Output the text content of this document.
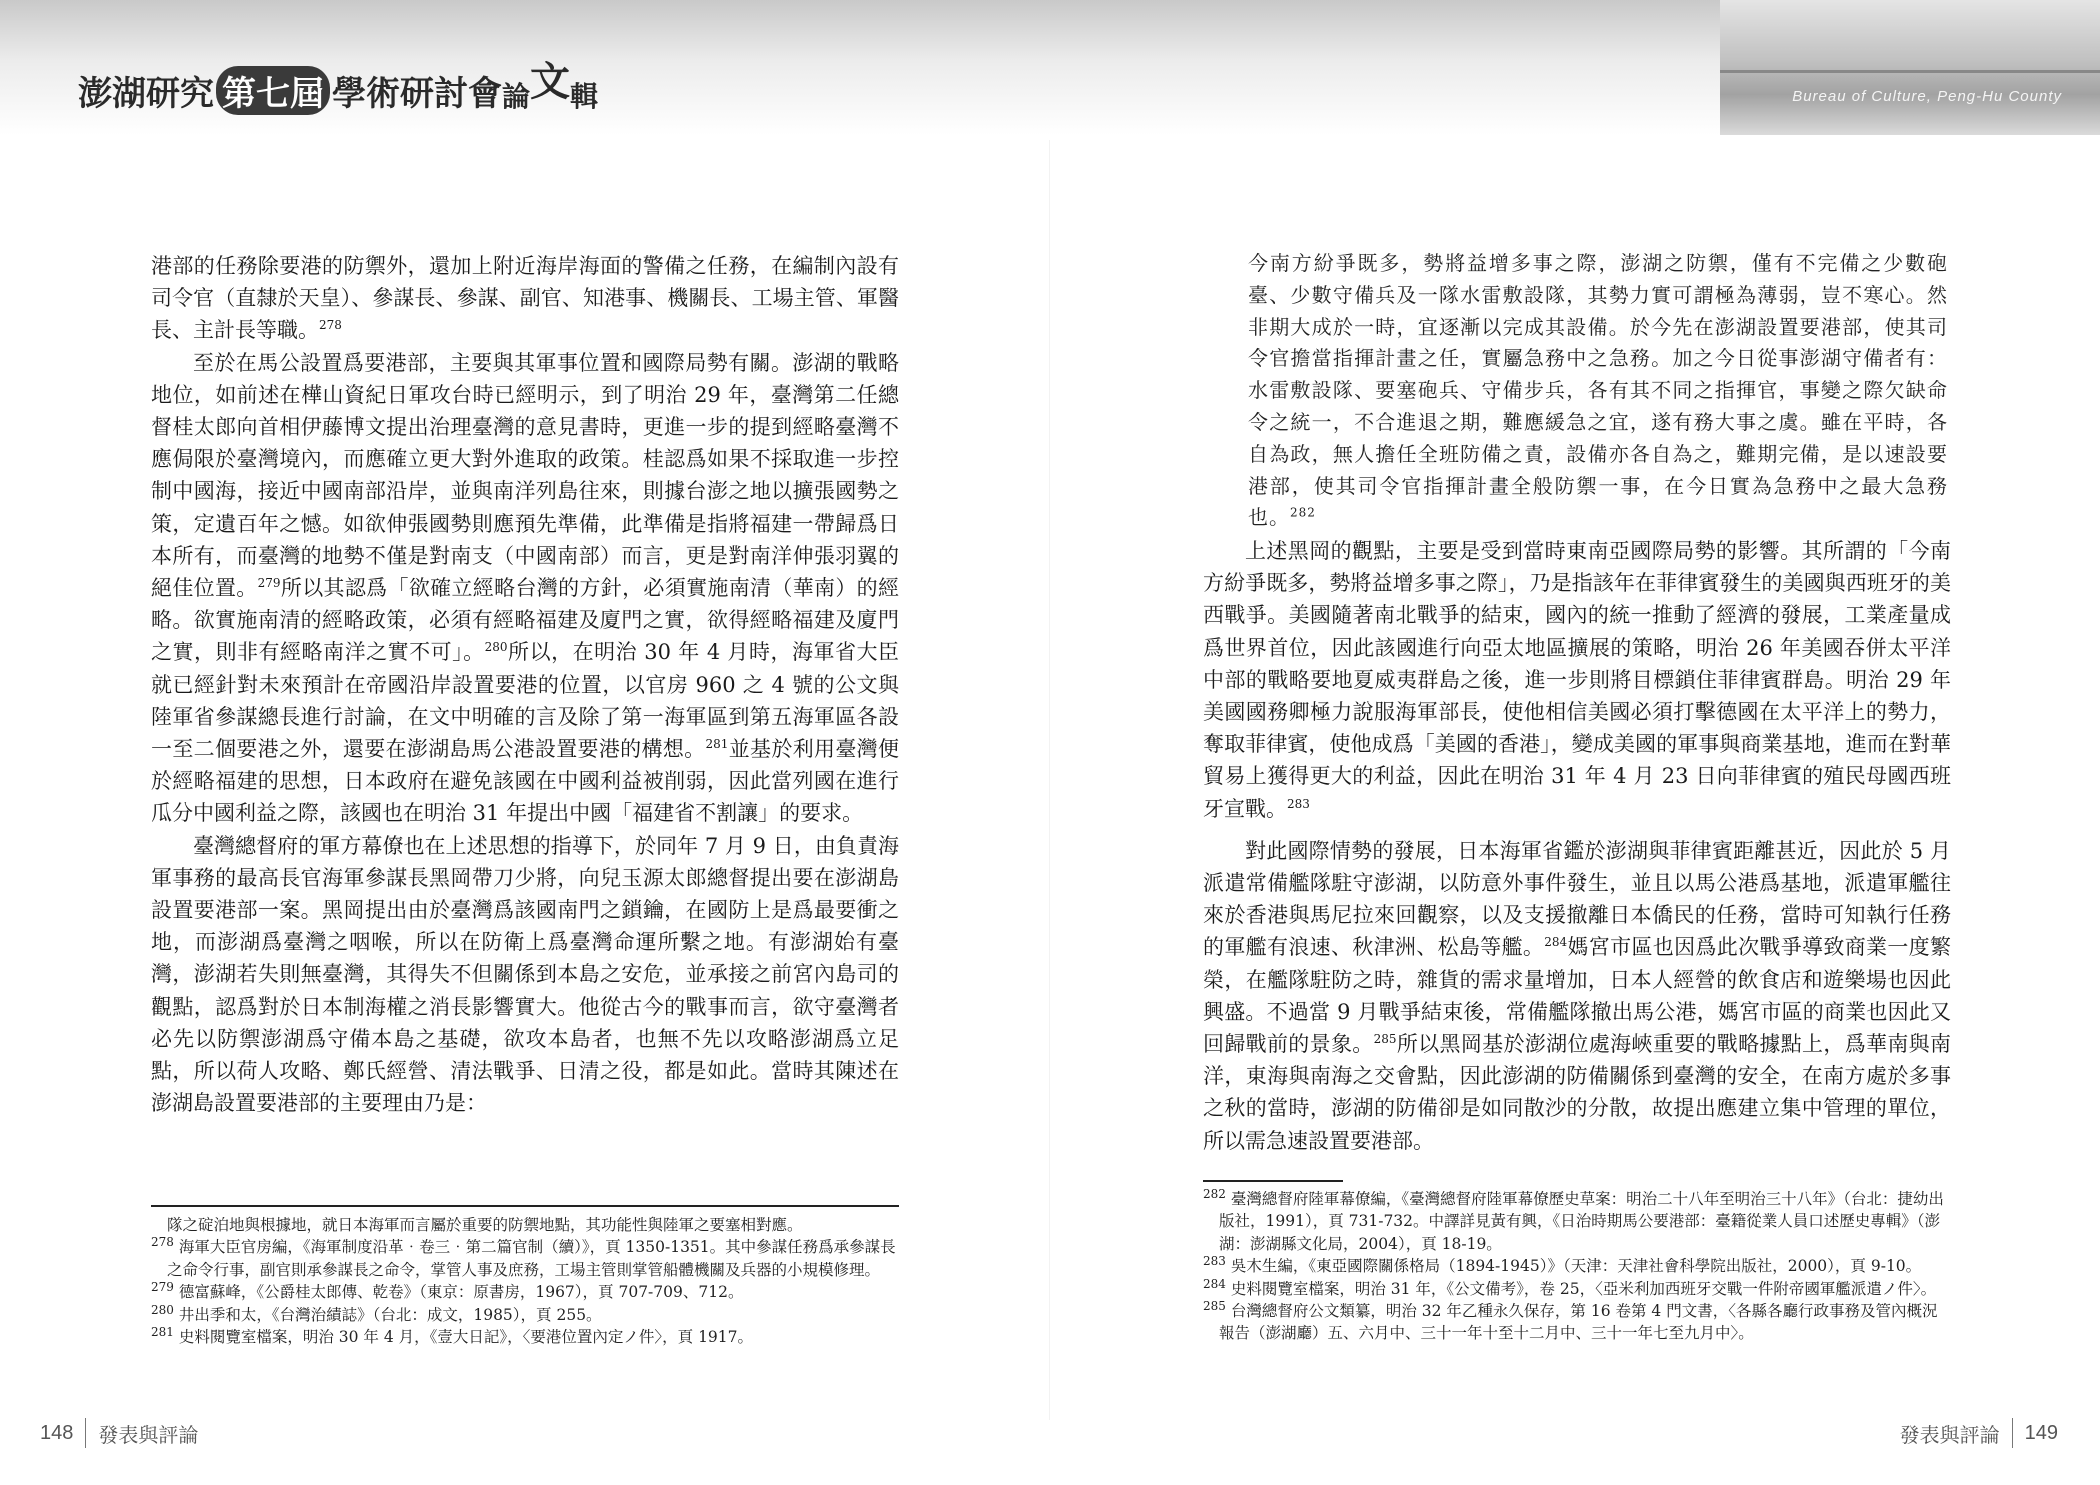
澎湖研究 第七屆 學術研討會 論 文 輯	Bureau of Culture, Peng-Hu County

港部的任務除要港的防禦外，還加上附近海岸海面的警備之任務，在編制內設有司令官（直隸於天皇）、參謀長、參謀、副官、知港事、機關長、工場主管、軍醫長、主計長等職。$^{278}$

至於在馬公設置爲要港部，主要與其軍事位置和國際局勢有關。澎湖的戰略地位，如前述在樺山資紀日軍攻台時已經明示，到了明治 29 年，臺灣第二任總督桂太郎向首相伊藤博文提出治理臺灣的意見書時，更進一步的提到經略臺灣不應侷限於臺灣境內，而應確立更大對外進取的政策。桂認爲如果不採取進一步控制中國海，接近中國南部沿岸，並與南洋列島往來，則據台澎之地以擴張國勢之策，定遺百年之憾。如欲伸張國勢則應預先準備，此準備是指將福建一帶歸爲日本所有，而臺灣的地勢不僅是對南支（中國南部）而言，更是對南洋伸張羽翼的絕佳位置。$^{279}$所以其認爲「欲確立經略台灣的方針，必須實施南清（華南）的經略。欲實施南清的經略政策，必須有經略福建及廈門之實，欲得經略福建及廈門之實，則非有經略南洋之實不可」。$^{280}$所以，在明治 30 年 4 月時，海軍省大臣就已經針對未來預計在帝國沿岸設置要港的位置，以官房 960 之 4 號的公文與陸軍省參謀總長進行討論，在文中明確的言及除了第一海軍區到第五海軍區各設一至二個要港之外，還要在澎湖島馬公港設置要港的構想。$^{281}$並基於利用臺灣便於經略福建的思想，日本政府在避免該國在中國利益被削弱，因此當列國在進行瓜分中國利益之際，該國也在明治 31 年提出中國「福建省不割讓」的要求。

臺灣總督府的軍方幕僚也在上述思想的指導下，於同年 7 月 9 日，由負責海軍事務的最高長官海軍參謀長黑岡帶刀少將，向兒玉源太郎總督提出要在澎湖島設置要港部一案。黑岡提出由於臺灣爲該國南門之鎖鑰，在國防上是爲最要衝之地，而澎湖爲臺灣之咽喉，所以在防衛上爲臺灣命運所繫之地。有澎湖始有臺灣，澎湖若失則無臺灣，其得失不但關係到本島之安危，並承接之前宮內島司的觀點，認爲對於日本制海權之消長影響實大。他從古今的戰事而言，欲守臺灣者必先以防禦澎湖爲守備本島之基礎，欲攻本島者，也無不先以攻略澎湖爲立足點，所以荷人攻略、鄭氏經營、清法戰爭、日清之役，都是如此。當時其陳述在澎湖島設置要港部的主要理由乃是：

隊之碇泊地與根據地，就日本海軍而言屬於重要的防禦地點，其功能性與陸軍之要塞相對應。

$^{278}$ 海軍大臣官房編，《海軍制度沿革‧卷三‧第二篇官制（續）》，頁 1350-1351。其中參謀任務爲承參謀長之命令行事，副官則承參謀長之命令，掌管人事及庶務，工場主管則掌管船體機關及兵器的小規模修理。

$^{279}$ 德富蘇峰，《公爵桂太郎傳、乾卷》（東京：原書房，1967），頁 707-709、712。

$^{280}$ 井出季和太，《台灣治績誌》（台北：成文，1985），頁 255。

$^{281}$ 史料閱覽室檔案，明治 30 年 4 月，《壹大日記》，〈要港位置內定ノ件〉，頁 1917。

今南方紛爭既多，勢將益增多事之際，澎湖之防禦，僅有不完備之少數砲臺、少數守備兵及一隊水雷敷設隊，其勢力實可謂極為薄弱，豈不寒心。然非期大成於一時，宜逐漸以完成其設備。於今先在澎湖設置要港部，使其司令官擔當指揮計畫之任，實屬急務中之急務。加之今日從事澎湖守備者有：水雷敷設隊、要塞砲兵、守備步兵，各有其不同之指揮官，事變之際欠缺命令之統一，不合進退之期，難應緩急之宜，遂有務大事之虞。雖在平時，各自為政，無人擔任全班防備之責，設備亦各自為之，難期完備，是以速設要港部，使其司令官指揮計畫全般防禦一事，在今日實為急務中之最大急務也。$^{282}$

上述黑岡的觀點，主要是受到當時東南亞國際局勢的影響。其所謂的「今南方紛爭既多，勢將益增多事之際」，乃是指該年在菲律賓發生的美國與西班牙的美西戰爭。美國隨著南北戰爭的結束，國內的統一推動了經濟的發展，工業產量成爲世界首位，因此該國進行向亞太地區擴展的策略，明治 26 年美國吞併太平洋中部的戰略要地夏威夷群島之後，進一步則將目標鎖住菲律賓群島。明治 29 年美國國務卿極力說服海軍部長，使他相信美國必須打擊德國在太平洋上的勢力，奪取菲律賓，使他成爲「美國的香港」，變成美國的軍事與商業基地，進而在對華貿易上獲得更大的利益，因此在明治 31 年 4 月 23 日向菲律賓的殖民母國西班牙宣戰。$^{283}$

對此國際情勢的發展，日本海軍省鑑於澎湖與菲律賓距離甚近，因此於 5 月派遣常備艦隊駐守澎湖，以防意外事件發生，並且以馬公港爲基地，派遣軍艦往來於香港與馬尼拉來回觀察，以及支援撤離日本僑民的任務，當時可知執行任務的軍艦有浪速、秋津洲、松島等艦。$^{284}$媽宮市區也因爲此次戰爭導致商業一度繁榮，在艦隊駐防之時，雜貨的需求量增加，日本人經營的飲食店和遊樂場也因此興盛。不過當 9 月戰爭結束後，常備艦隊撤出馬公港，媽宮市區的商業也因此又回歸戰前的景象。$^{285}$所以黑岡基於澎湖位處海峽重要的戰略據點上，爲華南與南洋，東海與南海之交會點，因此澎湖的防備關係到臺灣的安全，在南方處於多事之秋的當時，澎湖的防備卻是如同散沙的分散，故提出應建立集中管理的單位，所以需急速設置要港部。

$^{282}$ 臺灣總督府陸軍幕僚編，《臺灣總督府陸軍幕僚歷史草案：明治二十八年至明治三十八年》（台北：捷幼出版社，1991），頁 731-732。中譯詳見黃有興，《日治時期馬公要港部：臺籍從業人員口述歷史專輯》（澎湖：澎湖縣文化局，2004），頁 18-19。

$^{283}$ 吳木生編，《東亞國際關係格局（1894-1945）》（天津：天津社會科學院出版社，2000），頁 9-10。

$^{284}$ 史料閱覽室檔案，明治 31 年，《公文備考》，卷 25，〈亞米利加西班牙交戰一件附帝國軍艦派遣ノ件〉。

$^{285}$ 台灣總督府公文類纂，明治 32 年乙種永久保存，第 16 卷第 4 門文書，〈各縣各廳行政事務及管內概況報告（澎湖廳）五、六月中、三十一年十至十二月中、三十一年七至九月中〉。

148 發表與評論	發表與評論 149
